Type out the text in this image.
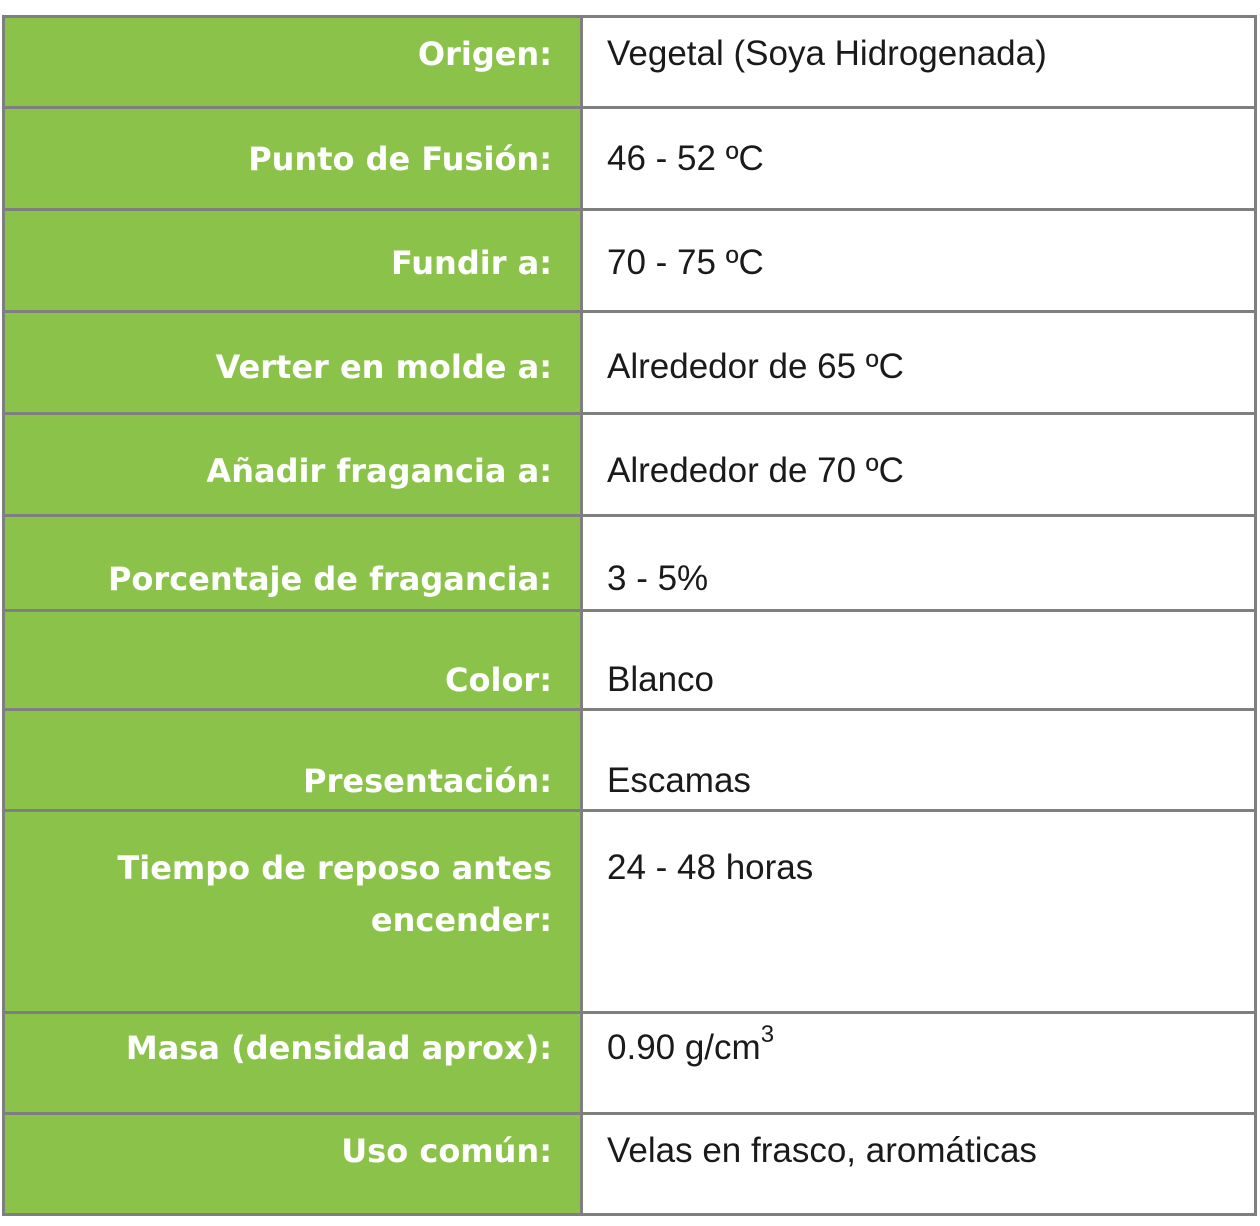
Origen:	Vegetal (Soya Hidrogenada)
Punto de Fusión:	46 - 52 ºC
Fundir a:	70 - 75 ºC
Verter en molde a:	Alrededor de 65 ºC
Añadir fragancia a:	Alrededor de 70 ºC
Porcentaje de fragancia:	3 - 5%
Color:	Blanco
Presentación:	Escamas
Tiempo de reposo antes encender:	24 - 48 horas
Masa (densidad aprox):	0.90 $g/cm^3$
Uso común:	Velas en frasco, aromáticas
